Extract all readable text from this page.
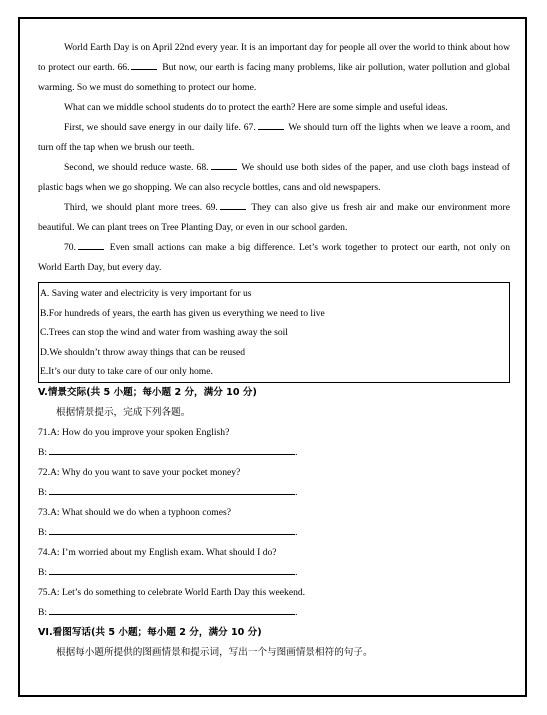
World Earth Day is on April 22nd every year. It is an important day for people all over the world to think about how to protect our earth. 66.	But now, our earth is facing many problems, like air pollution, water pollution and global warming. So we must do something to protect our home.

What can we middle school students do to protect the earth? Here are some simple and useful ideas.

First, we should save energy in our daily life. 67.	We should turn off the lights when we leave a room, and turn off the tap when we brush our teeth.

Second, we should reduce waste. 68.	We should use both sides of the paper, and use cloth bags instead of plastic bags when we go shopping. We can also recycle bottles, cans and old newspapers.

Third, we should plant more trees. 69.	They can also give us fresh air and make our environment more beautiful. We can plant trees on Tree Planting Day, or even in our school garden.

70.	Even small actions can make a big difference. Let’s work together to protect our earth, not only on World Earth Day, but every day.

A. Saving water and electricity is very important for us
B.For hundreds of years, the earth has given us everything we need to live
C.Trees can stop the wind and water from washing away the soil
D.We shouldn’t throw away things that can be reused
E.It’s our duty to take care of our only home.
V.情景交际(共 5 小题；每小题 2 分，满分 10 分)
根据情景提示，完成下列各题。
71.A: How do you improve your spoken English?
B:	.
72.A: Why do you want to save your pocket money?
B:	.
73.A: What should we do when a typhoon comes?
B:	.
74.A: I’m worried about my English exam. What should I do?
B:	.
75.A: Let’s do something to celebrate World Earth Day this weekend.
B:	.
VI.看图写话(共 5 小题；每小题 2 分，满分 10 分)
根据每小题所提供的图画情景和提示词，写出一个与图画情景相符的句子。
